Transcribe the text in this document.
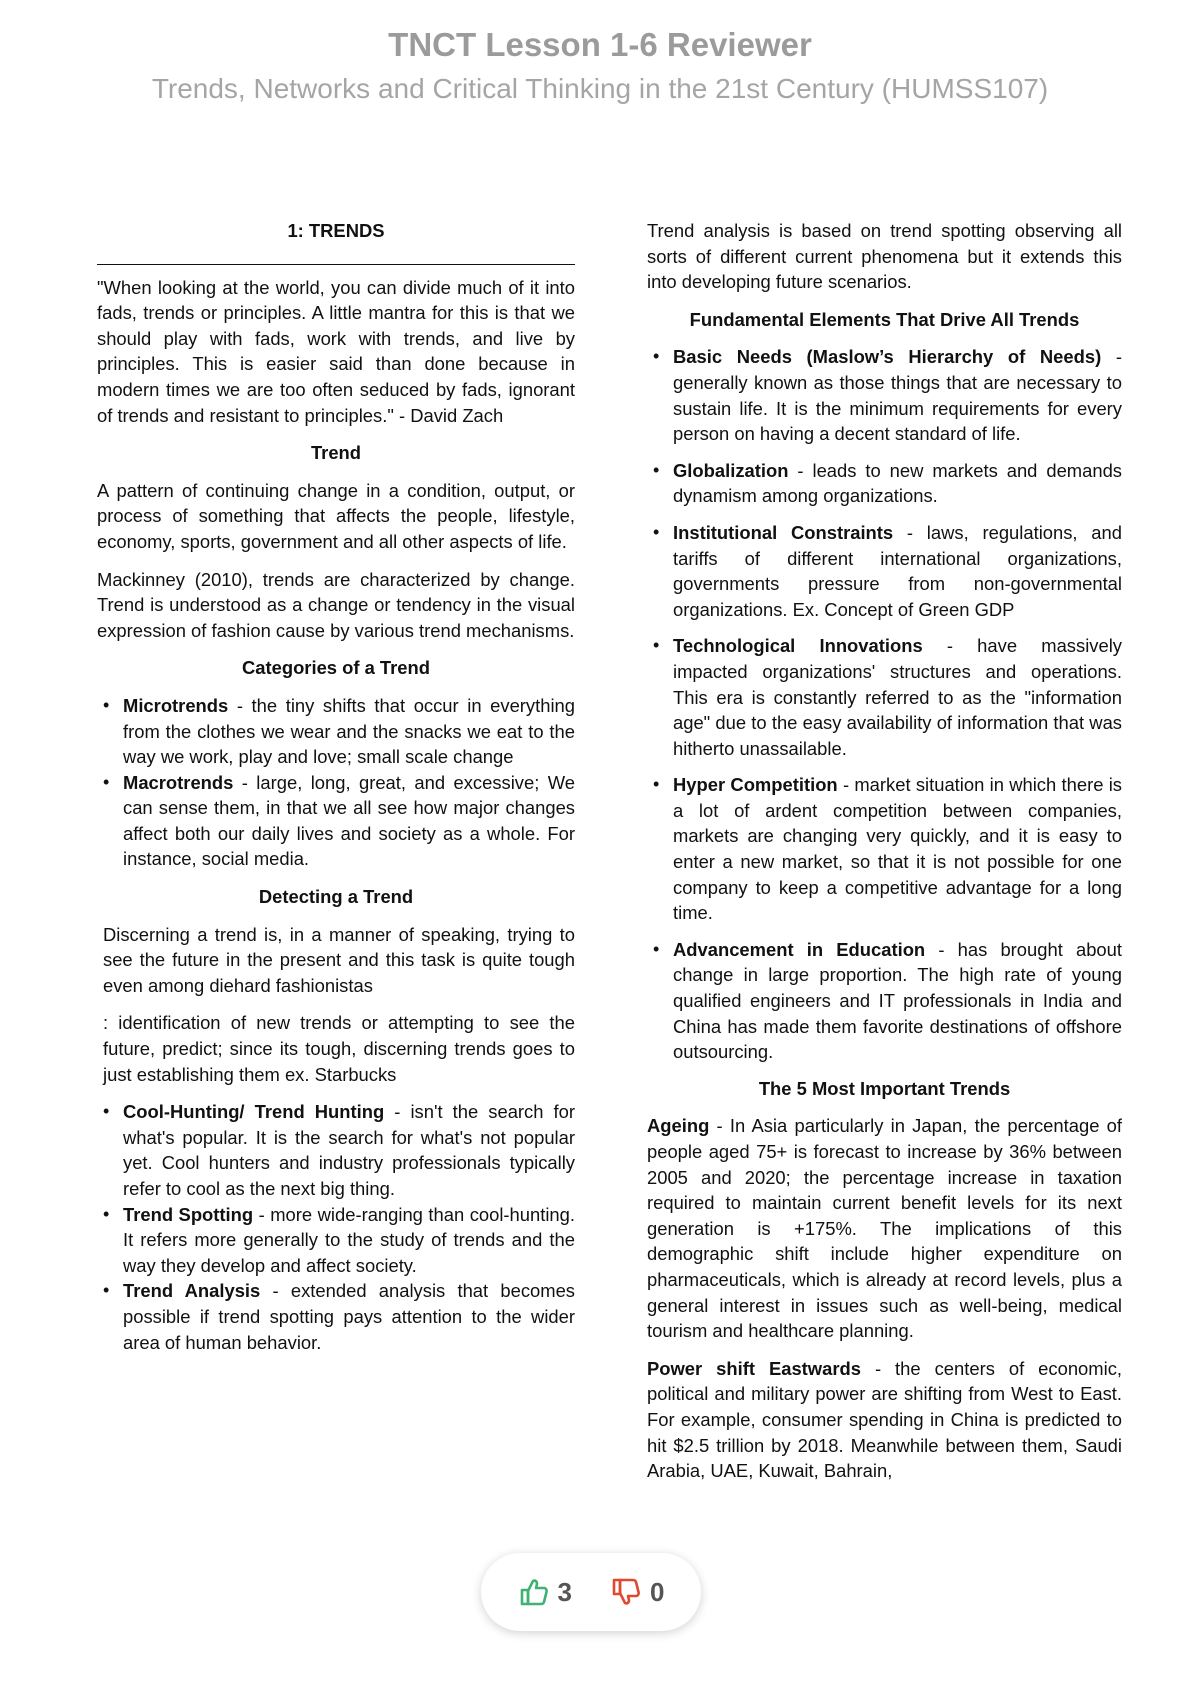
TNCT Lesson 1-6 Reviewer
Trends, Networks and Critical Thinking in the 21st Century (HUMSS107)
1: TRENDS

"When looking at the world, you can divide much of it into fads, trends or principles. A little mantra for this is that we should play with fads, work with trends, and live by principles. This is easier said than done because in modern times we are too often seduced by fads, ignorant of trends and resistant to principles." - David Zach

Trend

A pattern of continuing change in a condition, output, or process of something that affects the people, lifestyle, economy, sports, government and all other aspects of life.

Mackinney (2010), trends are characterized by change. Trend is understood as a change or tendency in the visual expression of fashion cause by various trend mechanisms.

Categories of a Trend
• Microtrends - the tiny shifts that occur in everything from the clothes we wear and the snacks we eat to the way we work, play and love; small scale change
• Macrotrends - large, long, great, and excessive; We can sense them, in that we all see how major changes affect both our daily lives and society as a whole. For instance, social media.
Detecting a Trend

Discerning a trend is, in a manner of speaking, trying to see the future in the present and this task is quite tough even among diehard fashionistas

: identification of new trends or attempting to see the future, predict; since its tough, discerning trends goes to just establishing them ex. Starbucks

• Cool-Hunting/ Trend Hunting - isn't the search for what's popular. It is the search for what's not popular yet. Cool hunters and industry professionals typically refer to cool as the next big thing.
• Trend Spotting - more wide-ranging than cool-hunting. It refers more generally to the study of trends and the way they develop and affect society.
• Trend Analysis - extended analysis that becomes possible if trend spotting pays attention to the wider area of human behavior.

Trend analysis is based on trend spotting observing all sorts of different current phenomena but it extends this into developing future scenarios.

Fundamental Elements That Drive All Trends
• Basic Needs (Maslow’s Hierarchy of Needs) - generally known as those things that are necessary to sustain life. It is the minimum requirements for every person on having a decent standard of life.
• Globalization - leads to new markets and demands dynamism among organizations.
• Institutional Constraints - laws, regulations, and tariffs of different international organizations, governments pressure from non-governmental organizations. Ex. Concept of Green GDP
• Technological Innovations - have massively impacted organizations' structures and operations. This era is constantly referred to as the "information age" due to the easy availability of information that was hitherto unassailable.
• Hyper Competition - market situation in which there is a lot of ardent competition between companies, markets are changing very quickly, and it is easy to enter a new market, so that it is not possible for one company to keep a competitive advantage for a long time.
• Advancement in Education - has brought about change in large proportion. The high rate of young qualified engineers and IT professionals in India and China has made them favorite destinations of offshore outsourcing.
The 5 Most Important Trends

Ageing - In Asia particularly in Japan, the percentage of people aged 75+ is forecast to increase by 36% between 2005 and 2020; the percentage increase in taxation required to maintain current benefit levels for its next generation is +175%. The implications of this demographic shift include higher expenditure on pharmaceuticals, which is already at record levels, plus a general interest in issues such as well-being, medical tourism and healthcare planning.

Power shift Eastwards - the centers of economic, political and military power are shifting from West to East. For example, consumer spending in China is predicted to hit $2.5 trillion by 2018. Meanwhile between them, Saudi Arabia, UAE, Kuwait, Bahrain,

3	0
